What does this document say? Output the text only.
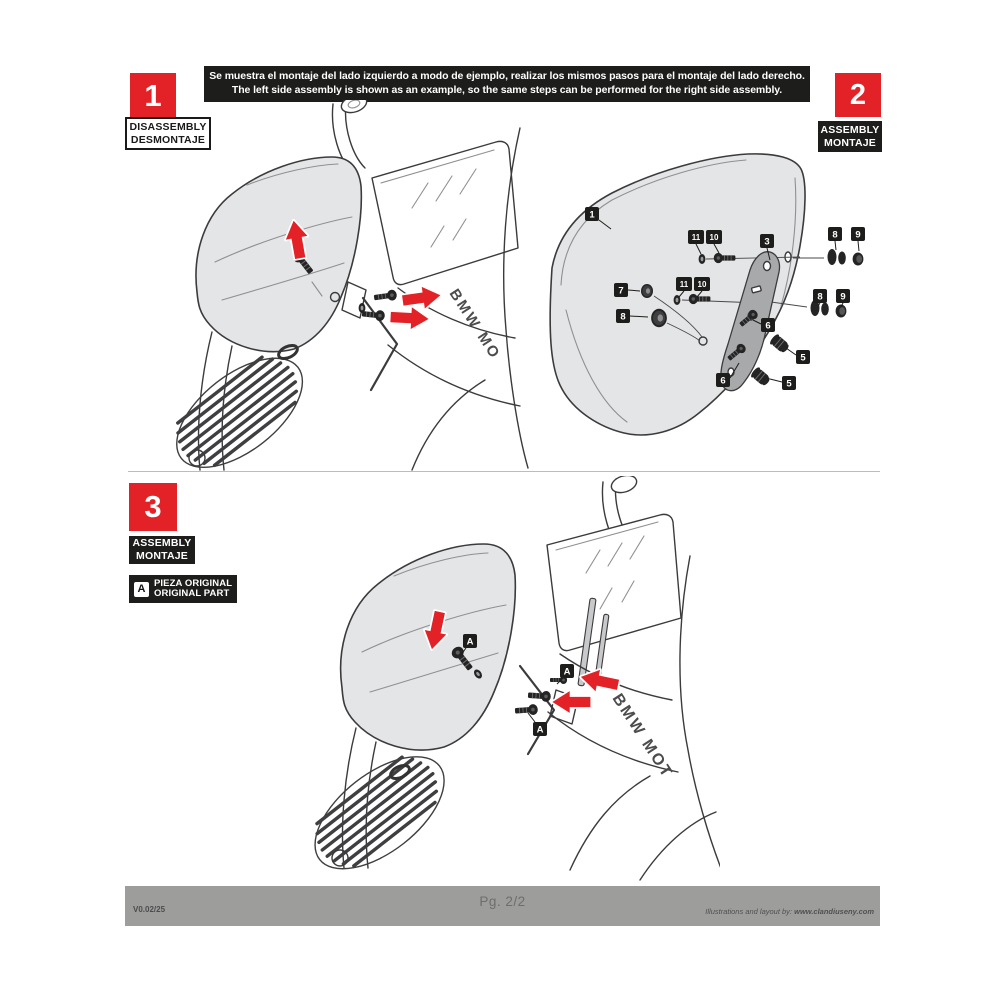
Se muestra el montaje del lado izquierdo a modo de ejemplo, realizar los mismos pasos para el montaje del lado derecho.
The left side assembly is shown as an example, so the same steps can be performed for the right side assembly.
1
DISASSEMBLY
DESMONTAJE
2
ASSEMBLY
MONTAJE
3
ASSEMBLY
MONTAJE
A PIEZA ORIGINAL
ORIGINAL PART
BMW MO
1
11 10	3
8 9
7
11 10
8 9
8
6
5
6	5
BMW MOT
A
A
A
V0.02/25
Pg. 2/2
Illustrations and layout by: www.clandiuseny.com
